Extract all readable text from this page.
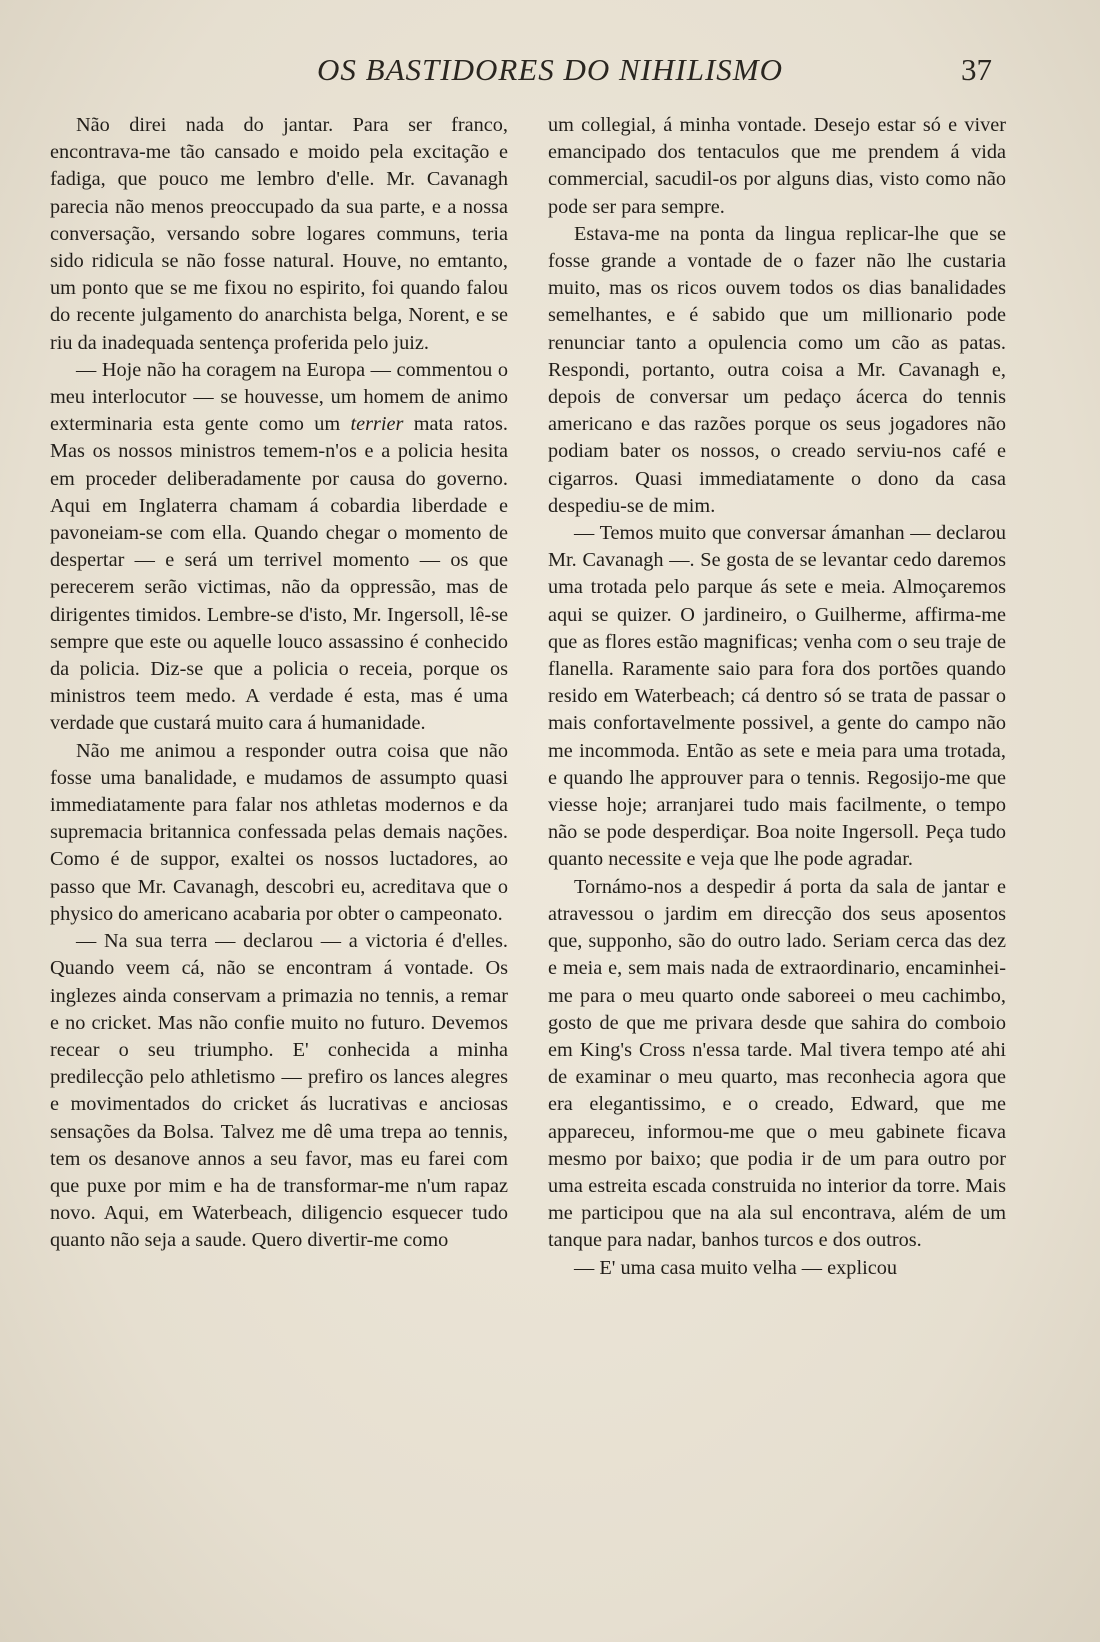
OS BASTIDORES DO NIHILISMO	37

Não direi nada do jantar. Para ser franco, encontrava-me tão cansado e moido pela excitação e fadiga, que pouco me lembro d'elle. Mr. Cavanagh parecia não menos preoccupado da sua parte, e a nossa conversação, versando sobre logares communs, teria sido ridicula se não fosse natural. Houve, no emtanto, um ponto que se me fixou no espirito, foi quando falou do recente julgamento do anarchista belga, Norent, e se riu da inadequada sentença proferida pelo juiz.

— Hoje não ha coragem na Europa — commentou o meu interlocutor — se houvesse, um homem de animo exterminaria esta gente como um terrier mata ratos. Mas os nossos ministros temem-n'os e a policia hesita em proceder deliberadamente por causa do governo. Aqui em Inglaterra chamam á cobardia liberdade e pavoneiam-se com ella. Quando chegar o momento de despertar — e será um terrivel momento — os que perecerem serão victimas, não da oppressão, mas de dirigentes timidos. Lembre-se d'isto, Mr. Ingersoll, lê-se sempre que este ou aquelle louco assassino é conhecido da policia. Diz-se que a policia o receia, porque os ministros teem medo. A verdade é esta, mas é uma verdade que custará muito cara á humanidade.

Não me animou a responder outra coisa que não fosse uma banalidade, e mudamos de assumpto quasi immediatamente para falar nos athletas modernos e da supremacia britannica confessada pelas demais nações. Como é de suppor, exaltei os nossos luctadores, ao passo que Mr. Cavanagh, descobri eu, acreditava que o physico do americano acabaria por obter o campeonato.

— Na sua terra — declarou — a victoria é d'elles. Quando veem cá, não se encontram á vontade. Os inglezes ainda conservam a primazia no tennis, a remar e no cricket. Mas não confie muito no futuro. Devemos recear o seu triumpho. E' conhecida a minha predilecção pelo athletismo — prefiro os lances alegres e movimentados do cricket ás lucrativas e anciosas sensações da Bolsa. Talvez me dê uma trepa ao tennis, tem os desanove annos a seu favor, mas eu farei com que puxe por mim e ha de transformar-me n'um rapaz novo. Aqui, em Waterbeach, diligencio esquecer tudo quanto não seja a saude. Quero divertir-me como

um collegial, á minha vontade. Desejo estar só e viver emancipado dos tentaculos que me prendem á vida commercial, sacudil-os por alguns dias, visto como não pode ser para sempre.

Estava-me na ponta da lingua replicar-lhe que se fosse grande a vontade de o fazer não lhe custaria muito, mas os ricos ouvem todos os dias banalidades semelhantes, e é sabido que um millionario pode renunciar tanto a opulencia como um cão as patas. Respondi, portanto, outra coisa a Mr. Cavanagh e, depois de conversar um pedaço ácerca do tennis americano e das razões porque os seus jogadores não podiam bater os nossos, o creado serviu-nos café e cigarros. Quasi immediatamente o dono da casa despediu-se de mim.

— Temos muito que conversar ámanhan — declarou Mr. Cavanagh —. Se gosta de se levantar cedo daremos uma trotada pelo parque ás sete e meia. Almoçaremos aqui se quizer. O jardineiro, o Guilherme, affirma-me que as flores estão magnificas; venha com o seu traje de flanella. Raramente saio para fora dos portões quando resido em Waterbeach; cá dentro só se trata de passar o mais confortavelmente possivel, a gente do campo não me incommoda. Então as sete e meia para uma trotada, e quando lhe approuver para o tennis. Regosijo-me que viesse hoje; arranjarei tudo mais facilmente, o tempo não se pode desperdiçar. Boa noite Ingersoll. Peça tudo quanto necessite e veja que lhe pode agradar.

Tornámo-nos a despedir á porta da sala de jantar e atravessou o jardim em direcção dos seus aposentos que, supponho, são do outro lado. Seriam cerca das dez e meia e, sem mais nada de extraordinario, encaminhei-me para o meu quarto onde saboreei o meu cachimbo, gosto de que me privara desde que sahira do comboio em King's Cross n'essa tarde. Mal tivera tempo até ahi de examinar o meu quarto, mas reconhecia agora que era elegantissimo, e o creado, Edward, que me appareceu, informou-me que o meu gabinete ficava mesmo por baixo; que podia ir de um para outro por uma estreita escada construida no interior da torre. Mais me participou que na ala sul encontrava, além de um tanque para nadar, banhos turcos e dos outros.

— E' uma casa muito velha — explicou
